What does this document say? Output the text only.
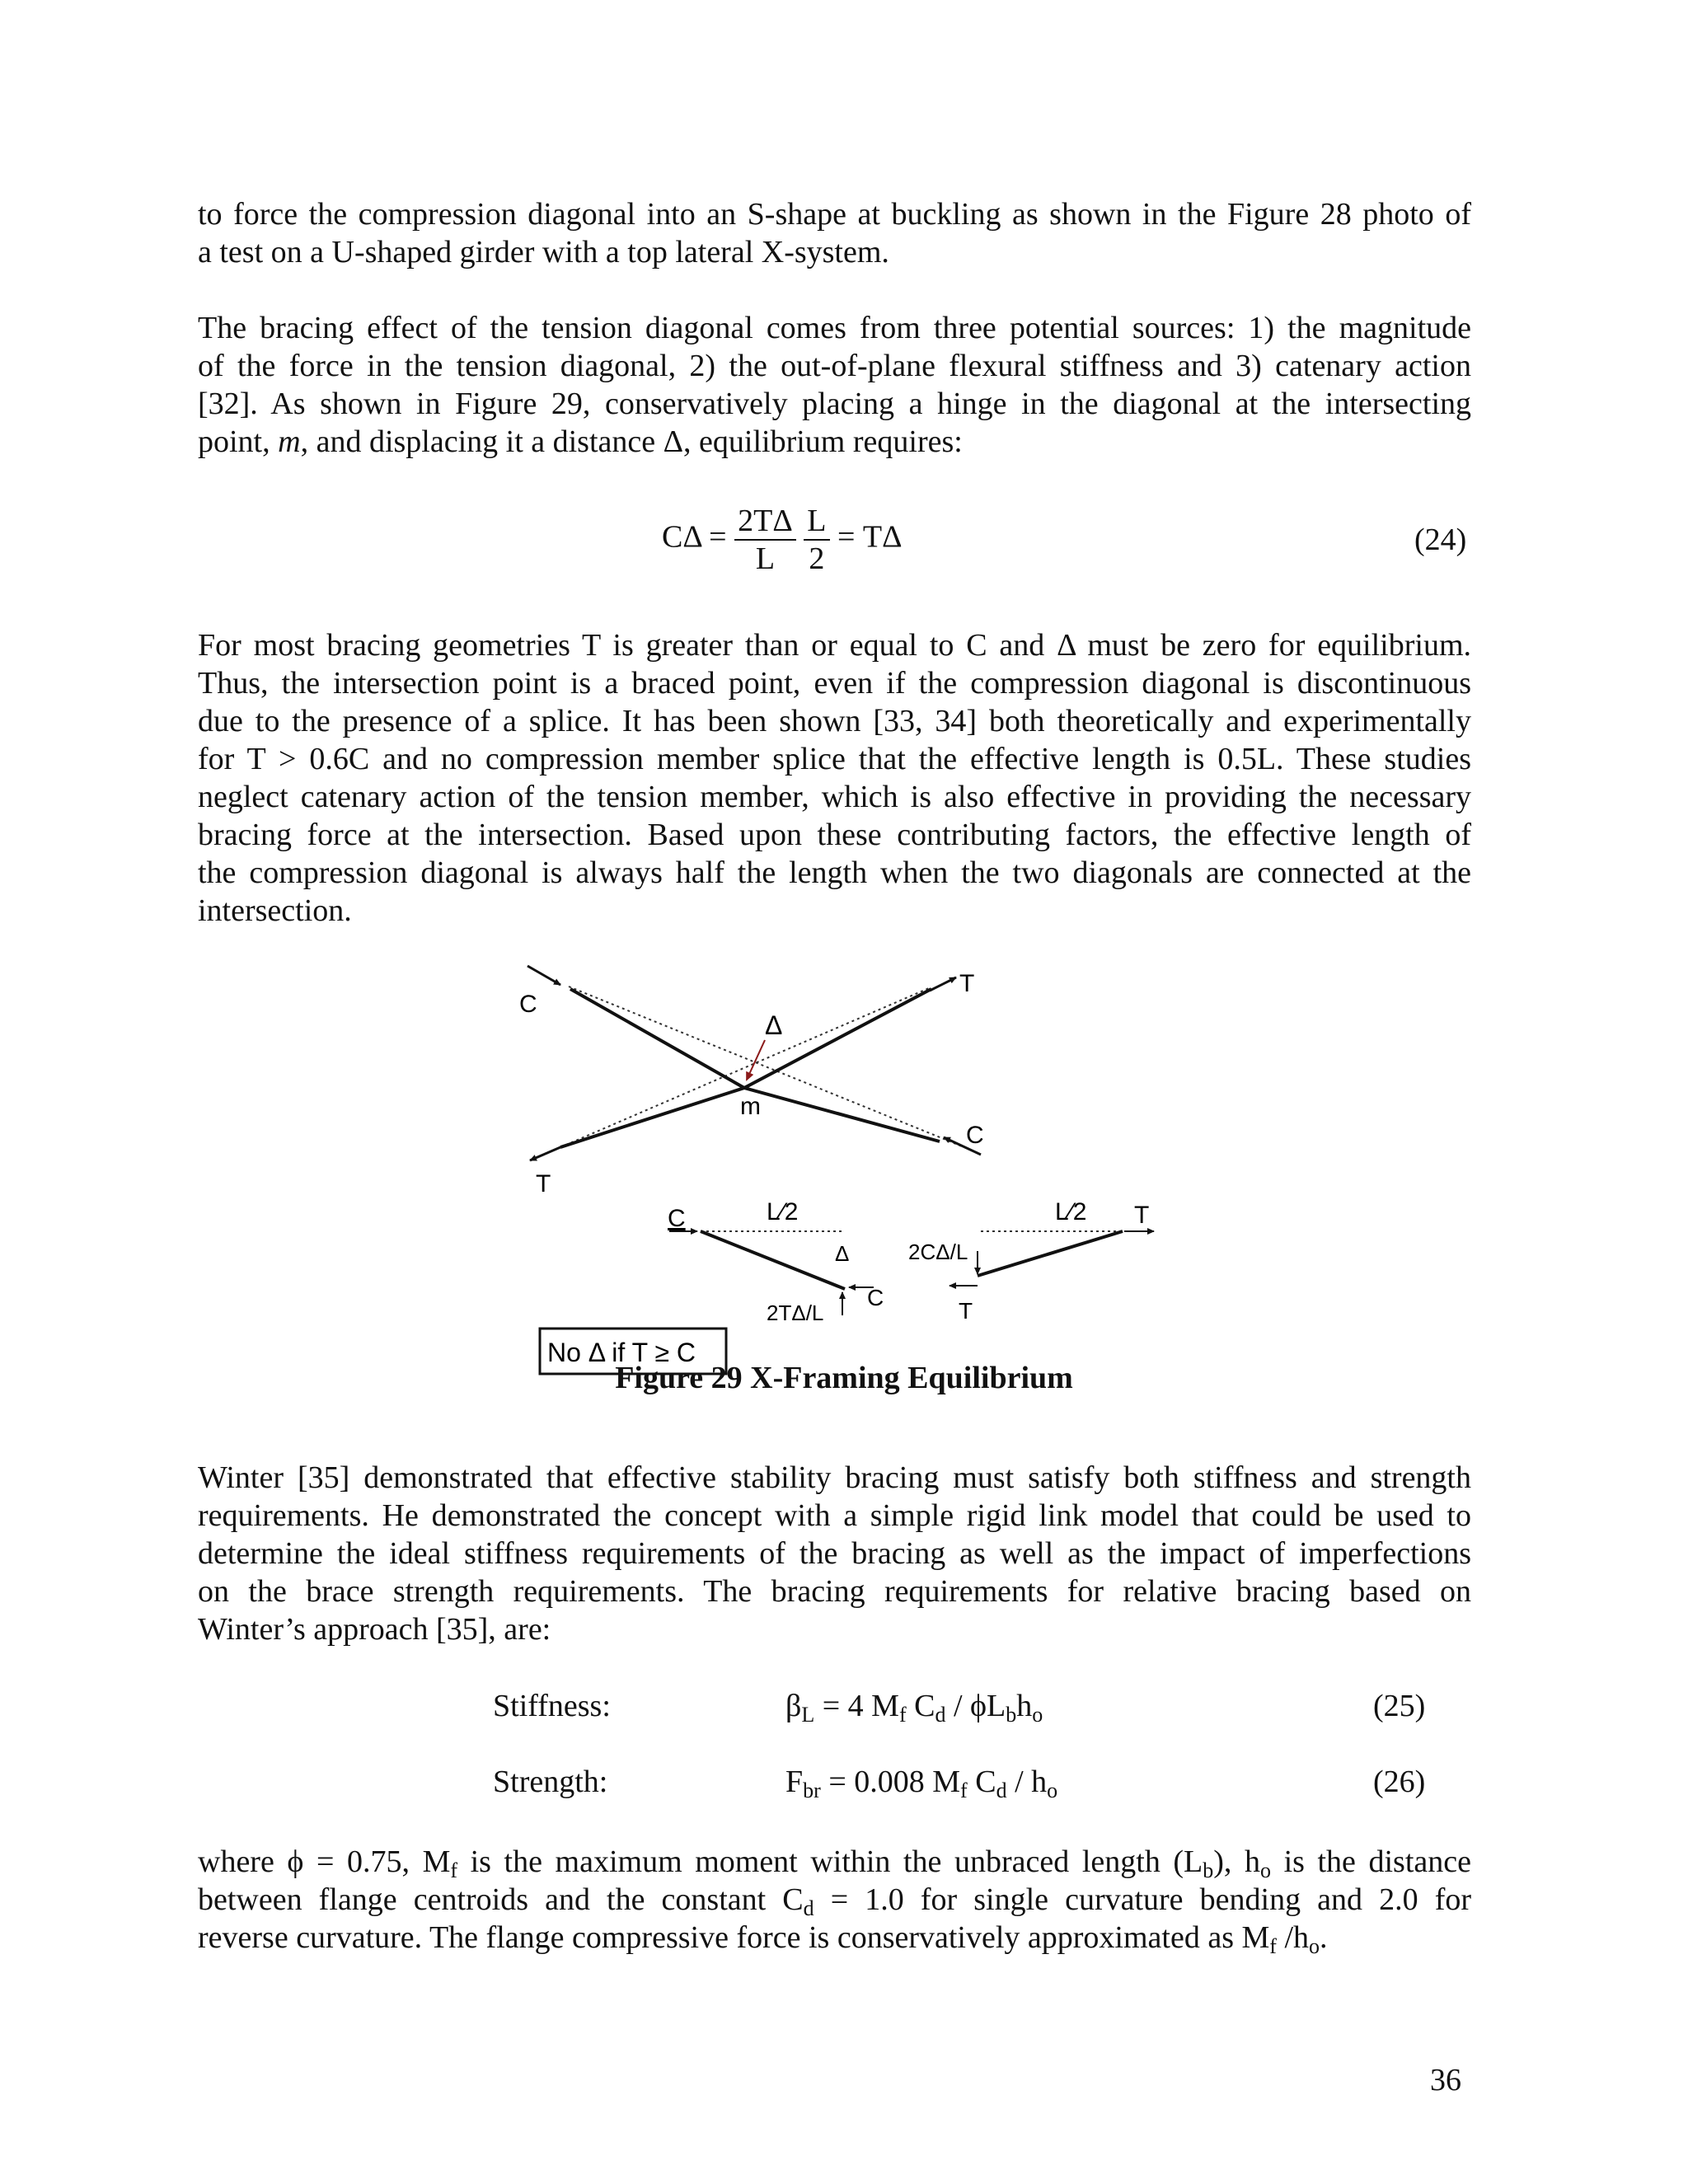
to force the compression diagonal into an S-shape at buckling as shown in the Figure 28 photo of
a test on a U-shaped girder with a top lateral X-system.
The bracing effect of the tension diagonal comes from three potential sources: 1) the magnitude
of the force in the tension diagonal, 2) the out-of-plane flexural stiffness and 3) catenary action
[32]. As shown in Figure 29, conservatively placing a hinge in the diagonal at the intersecting
point, m, and displacing it a distance Δ, equilibrium requires:
$C\Delta = \frac{2T\Delta}{L}$
$\frac{L}{2} = T\Delta$	(24)
For most bracing geometries T is greater than or equal to C and Δ must be zero for equilibrium.
Thus, the intersection point is a braced point, even if the compression diagonal is discontinuous
due to the presence of a splice. It has been shown [33, 34] both theoretically and experimentally
for T > 0.6C and no compression member splice that the effective length is 0.5L. These studies
neglect catenary action of the tension member, which is also effective in providing the necessary
bracing force at the intersection. Based upon these contributing factors, the effective length of
the compression diagonal is always half the length when the two diagonals are connected at the
intersection.
C
T
Δ
m
C
T
C	L⁄2
Δ
2TΔ/L
C
2CΔ/L
L⁄2 T
T
No Δ if T ≥ C
Figure 29 X-Framing Equilibrium
Winter [35] demonstrated that effective stability bracing must satisfy both stiffness and strength
requirements. He demonstrated the concept with a simple rigid link model that could be used to
determine the ideal stiffness requirements of the bracing as well as the impact of imperfections
on the brace strength requirements. The bracing requirements for relative bracing based on
Winter’s approach [35], are:
Stiffness:	$\beta_L = 4$ $M_f$ $C_d / \phi L_bh_o$	(25)
Strength:	$F_{br} = 0.008$ $M_f$ $C_d / h_o$	(26)
where ϕ = 0.75, $M_f$ is the maximum moment within the unbraced length $(L_b)$, $h_o$ is the distance
between flange centroids and the constant $C_d = 1.0$ for single curvature bending and 2.0 for
reverse curvature. The flange compressive force is conservatively approximated as $M_f$ $/h_o$.
36
